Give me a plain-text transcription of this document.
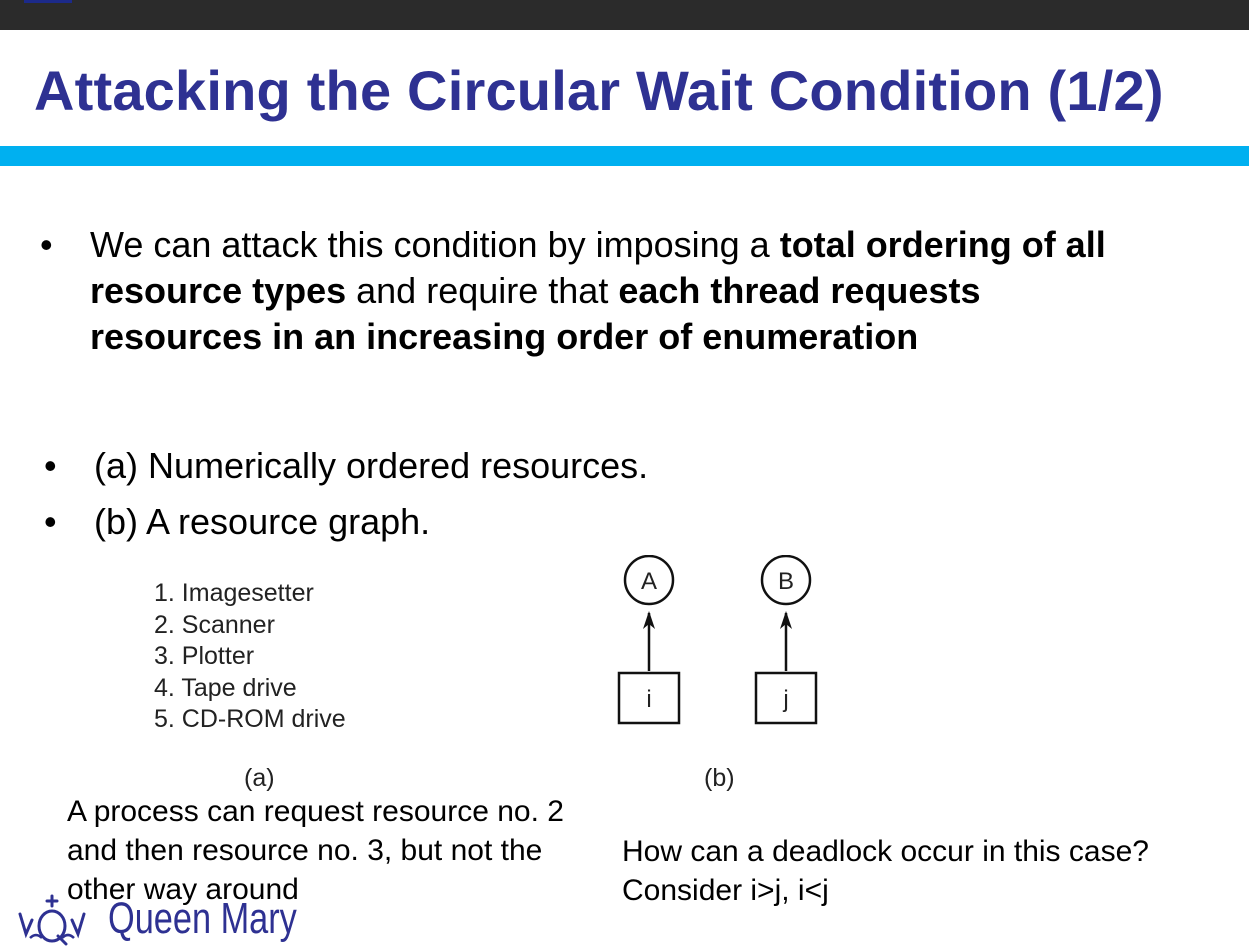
Attacking the Circular Wait Condition (1/2)
• We can attack this condition by imposing a total ordering of all resource types and require that each thread requests resources in an increasing order of enumeration
• (a) Numerically ordered resources.
• (b) A resource graph.
1. Imagesetter
2. Scanner
3. Plotter
4. Tape drive
5. CD-ROM drive
(a)
A
i
B
j
(b)
A process can request resource no. 2 and then resource no. 3, but not the other way around
How can a deadlock occur in this case? Consider i>j, i<j
Queen Mary
